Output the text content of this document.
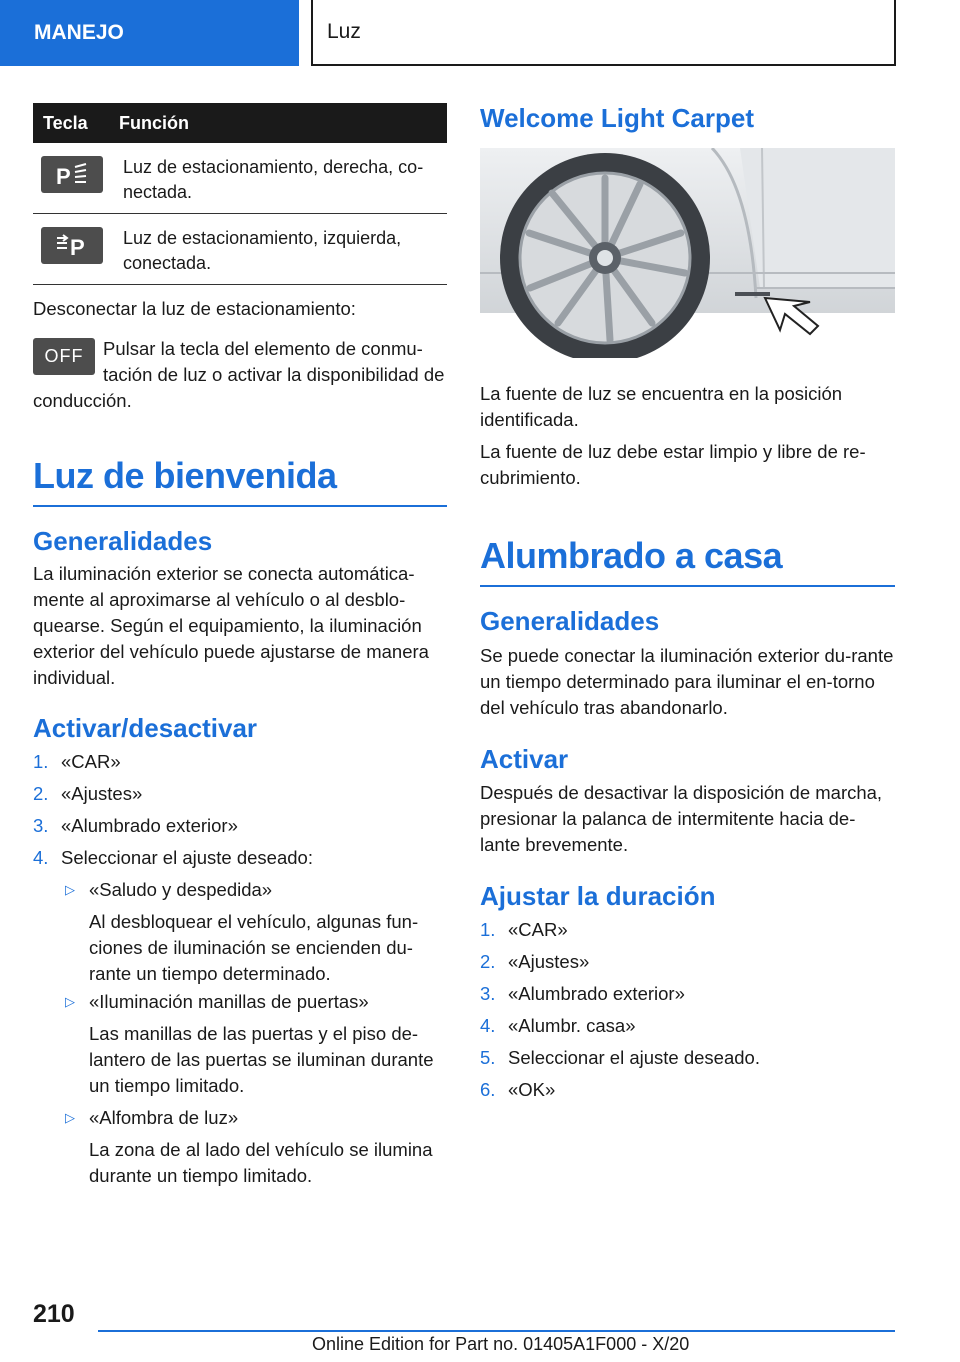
MANEJO	Luz
Tecla	Función

P	Luz de estacionamiento, derecha, co-nectada.

P	Luz de estacionamiento, izquierda, conectada.

Desconectar la luz de estacionamiento:

OFF	Pulsar la tecla del elemento de conmu-tación de luz o activar la disponibilidad de conducción.

Luz de bienvenida
Generalidades

La iluminación exterior se conecta automática-mente al aproximarse al vehículo o al desblo-quearse. Según el equipamiento, la iluminación exterior del vehículo puede ajustarse de manera individual.

Activar/desactivar
1. «CAR»
2. «Ajustes»
3. «Alumbrado exterior»
4. Seleccionar el ajuste deseado:
▷ «Saludo y despedida»
Al desbloquear el vehículo, algunas fun-ciones de iluminación se encienden du-rante un tiempo determinado.
▷ «Iluminación manillas de puertas»
Las manillas de las puertas y el piso de-lantero de las puertas se iluminan durante un tiempo limitado.
▷ «Alfombra de luz»
La zona de al lado del vehículo se ilumina durante un tiempo limitado.
Welcome Light Carpet

La fuente de luz se encuentra en la posición identificada.

La fuente de luz debe estar limpio y libre de re-cubrimiento.

Alumbrado a casa
Generalidades

Se puede conectar la iluminación exterior du-rante un tiempo determinado para iluminar el en-torno del vehículo tras abandonarlo.

Activar

Después de desactivar la disposición de marcha, presionar la palanca de intermitente hacia de-lante brevemente.

Ajustar la duración
1. «CAR»
2. «Ajustes»
3. «Alumbrado exterior»
4. «Alumbr. casa»
5. Seleccionar el ajuste deseado.
6. «OK»
210
Online Edition for Part no. 01405A1F000 - X/20
